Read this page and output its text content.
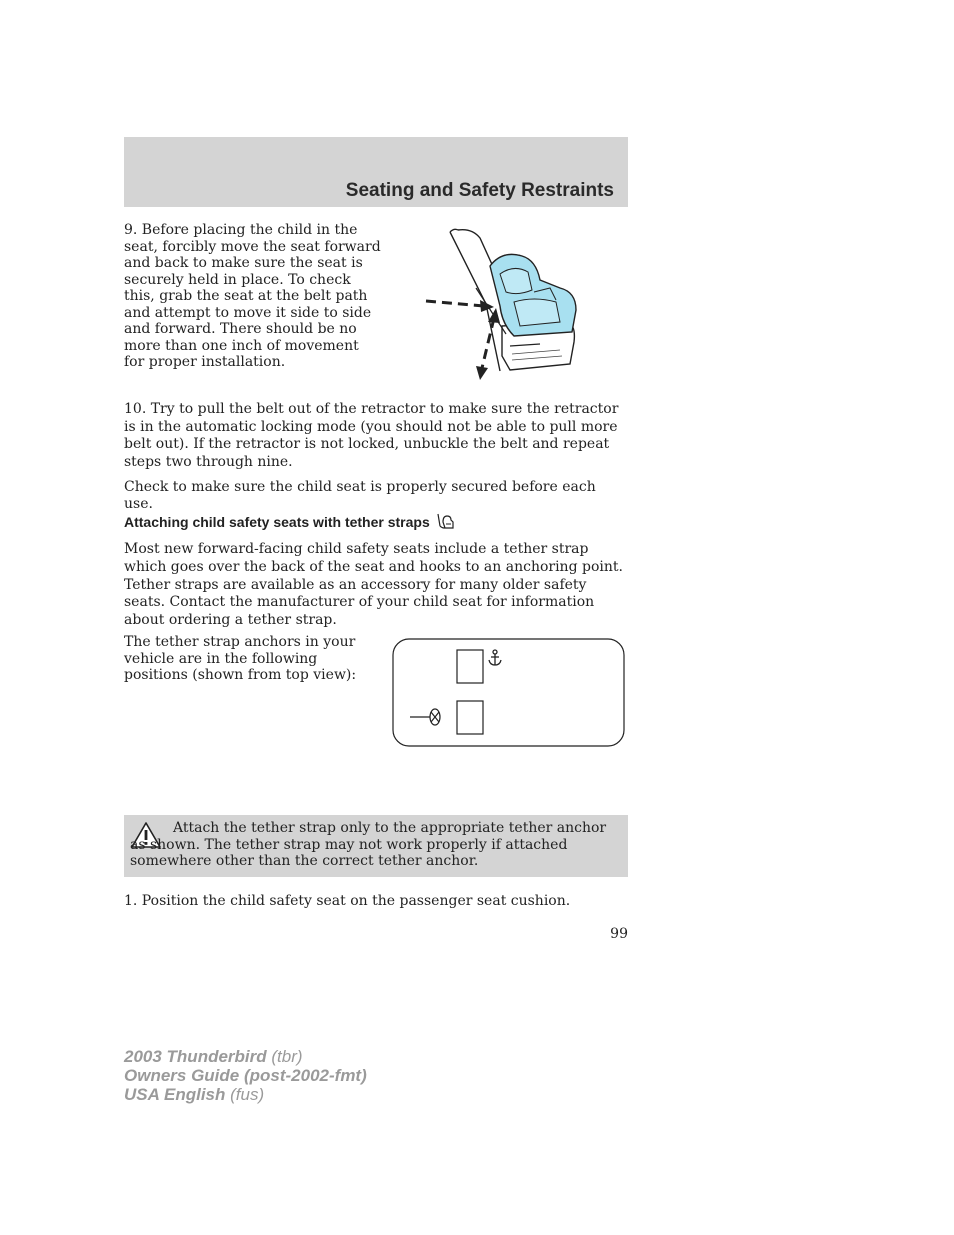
Seating and Safety Restraints

9. Before placing the child in the seat, forcibly move the seat forward and back to make sure the seat is securely held in place. To check this, grab the seat at the belt path and attempt to move it side to side and forward. There should be no more than one inch of movement for proper installation.

10. Try to pull the belt out of the retractor to make sure the retractor is in the automatic locking mode (you should not be able to pull more belt out). If the retractor is not locked, unbuckle the belt and repeat steps two through nine.

Check to make sure the child seat is properly secured before each use.

Attaching child safety seats with tether straps

Most new forward-facing child safety seats include a tether strap which goes over the back of the seat and hooks to an anchoring point. Tether straps are available as an accessory for many older safety seats. Contact the manufacturer of your child seat for information about ordering a tether strap.

The tether strap anchors in your vehicle are in the following positions (shown from top view):

Attach the tether strap only to the appropriate tether anchor as shown. The tether strap may not work properly if attached somewhere other than the correct tether anchor.

1. Position the child safety seat on the passenger seat cushion.

99
2003 Thunderbird (tbr)
Owners Guide (post-2002-fmt)
USA English (fus)
